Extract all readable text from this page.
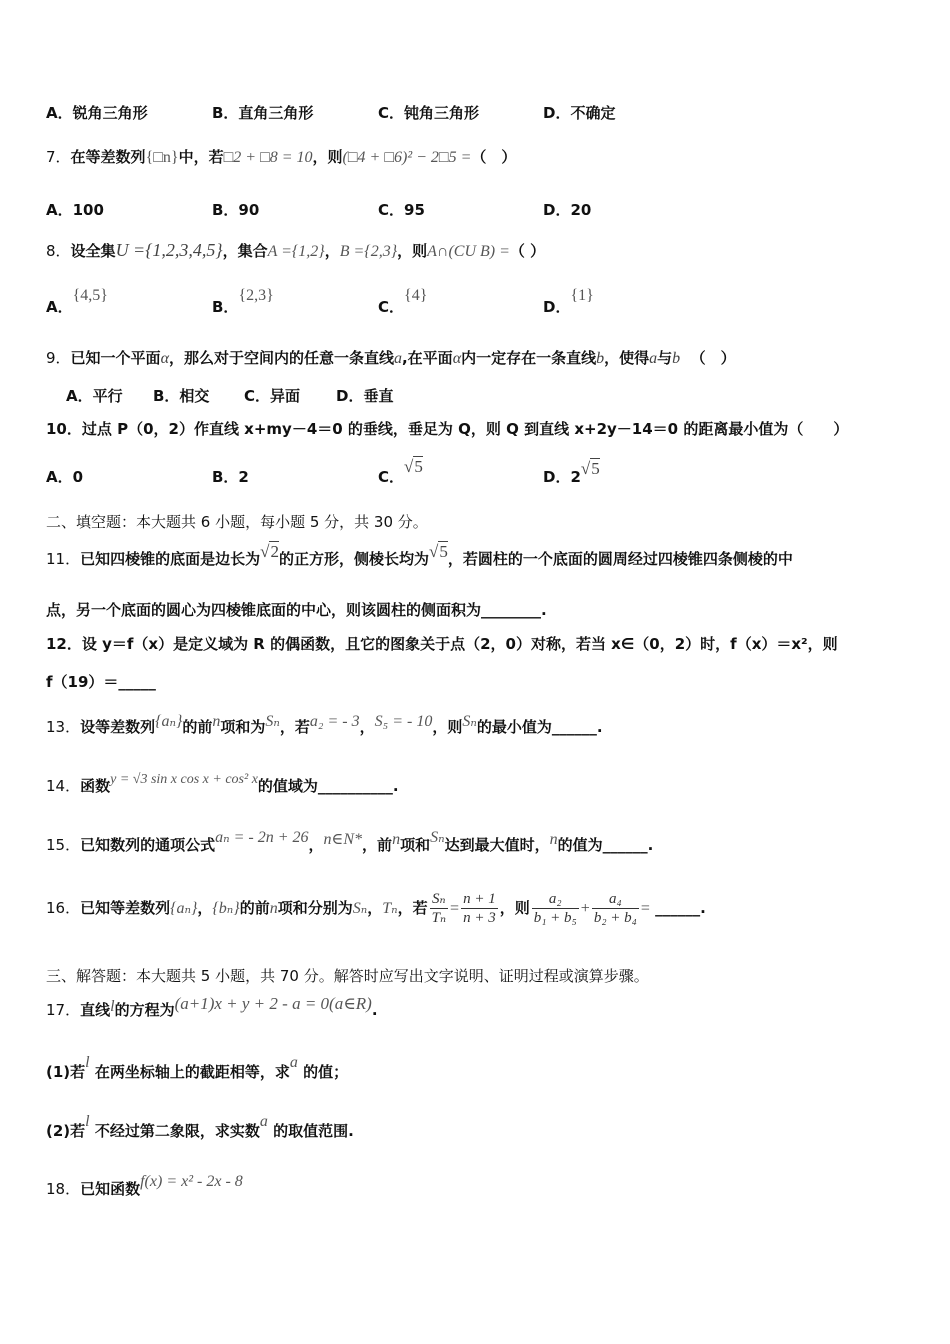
A．锐角三角形	B．直角三角形	C．钝角三角形	D．不确定
7．在等差数列{□n}中，若□2 + □8 = 10，则(□4 + □6)² − 2□5 =（　）
A．100	B．90	C．95	D．20
8．设全集U ={1,2,3,4,5}，集合A ={1,2}，B ={2,3}，则A∩(CU B) =（ ）
A．{4,5}
B．{2,3}
C．{4}
D．{1}
9．已知一个平面α，那么对于空间内的任意一条直线a,在平面α内一定存在一条直线b，使得a与b （　）
A．平行 B．相交 C．异面 D．垂直
10．过点 P（0，2）作直线 x+my－4＝0 的垂线，垂足为 Q，则 Q 到直线 x+2y－14＝0 的距离最小值为（　　）
A．0	B．2	C．√5
D．2√5
二、填空题：本大题共 6 小题，每小题 5 分，共 30 分。
11．已知四棱锥的底面是边长为√2的正方形，侧棱长均为√5，若圆柱的一个底面的圆周经过四棱锥四条侧棱的中
点，另一个底面的圆心为四棱锥底面的中心，则该圆柱的侧面积为________.
12．设 y＝f（x）是定义域为 R 的偶函数，且它的图象关于点（2，0）对称，若当 x∈（0，2）时，f（x）＝x²，则
f（19）＝_____
13．设等差数列{aₙ}的前n项和为Sₙ，若a₂ = - 3，S₅ = - 10，则Sₙ的最小值为______.
14．函数y = √3 sin x cos x + cos² x的值域为__________.
15．已知数列的通项公式aₙ = - 2n + 26，n∈N*，前n项和Sₙ达到最大值时，n的值为______.
16．已知等差数列{aₙ}，{bₙ}的前n项和分别为Sₙ，Tₙ，若 $\frac{\text{Sₙ}}{\text{Tₙ}} = \frac{n + 1}{n + 3}$ ，则 $\frac{\text{a₂}}{\text{b₁ + b₅}} + \frac{\text{a₄}}{\text{b₂ + b₄}}$ = ______.
三、解答题：本大题共 5 小题，共 70 分。解答时应写出文字说明、证明过程或演算步骤。
17．直线l的方程为(a+1)x + y + 2 - a = 0(a∈R).
(1)若l 在两坐标轴上的截距相等，求a 的值；
(2)若l 不经过第二象限，求实数a 的取值范围.
18．已知函数f(x) = x² - 2x - 8
